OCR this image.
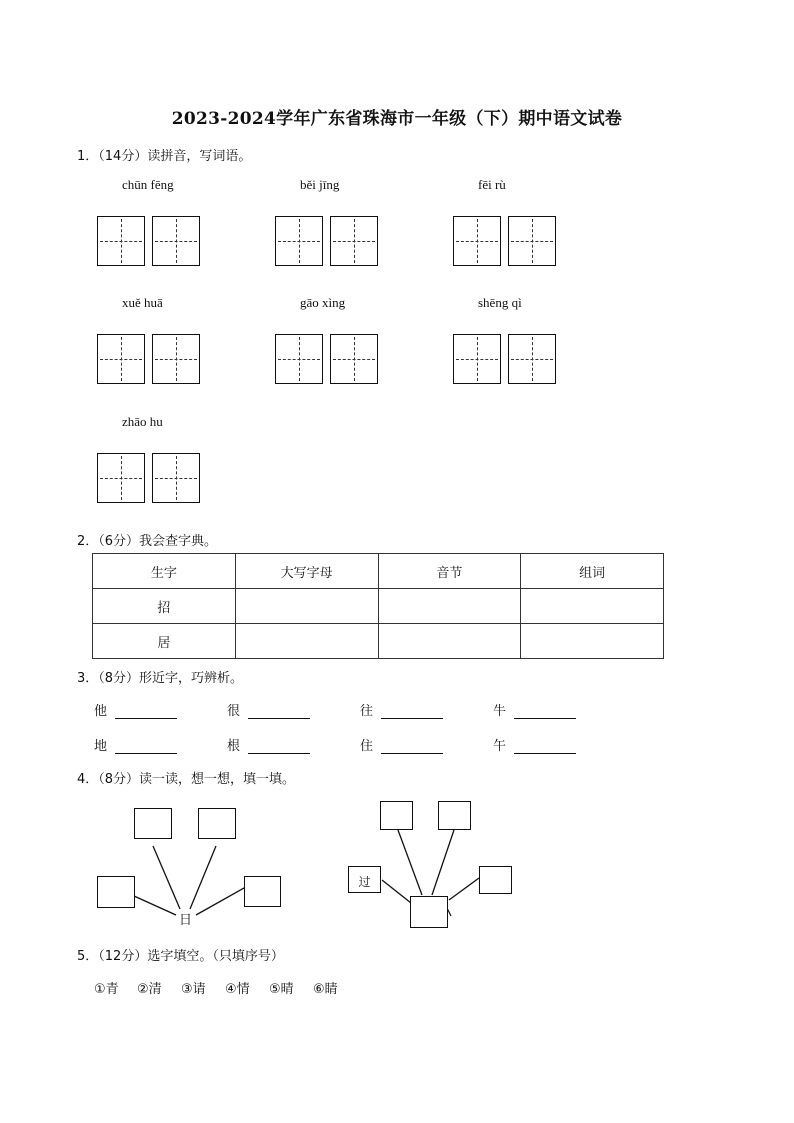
2023-2024学年广东省珠海市一年级（下）期中语文试卷
1．（14分）读拼音，写词语。
chūn fēng	běi jīng	fēi rù
xuě huā	gāo xìng	shēng qì
zhāo hu
2．（6分）我会查字典。
生字	大写字母	音节	组词
招			
居			
3．（8分）形近字，巧辨析。
他	很	往	牛
地	根	住	午
4．（8分）读一读，想一想，填一填。
日
过
5．（12分）选字填空。（只填序号）
①青 ②清 ③请 ④情 ⑤晴 ⑥睛
